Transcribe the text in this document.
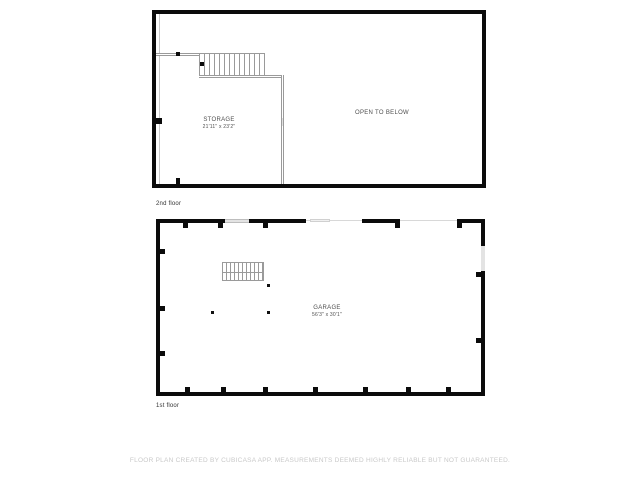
STORAGE
21'11" x 23'2"
OPEN TO BELOW
2nd floor
GARAGE
56'3" x 30'1"
1st floor
FLOOR PLAN CREATED BY CUBICASA APP. MEASUREMENTS DEEMED HIGHLY RELIABLE BUT NOT GUARANTEED.
